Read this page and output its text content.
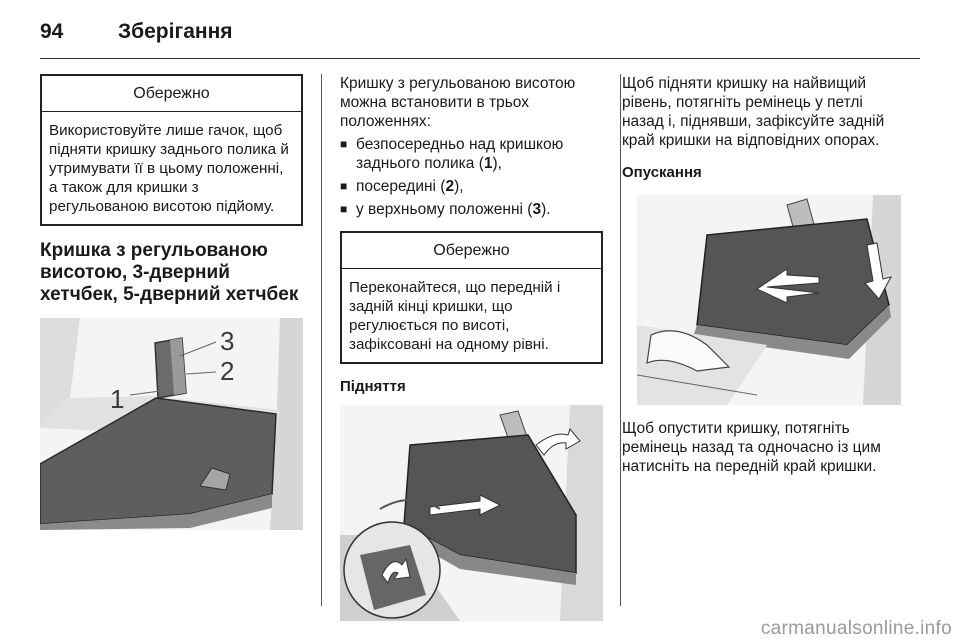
94	Зберігання
Обережно
Використовуйте лише гачок, щоб підняти кришку заднього полика й утримувати її в цьому положенні, а також для кришки з регульованою висотою підйому.
Кришка з регульованою висотою, 3-дверний хетчбек, 5-дверний хетчбек
3
2
1

Кришку з регульованою висотою можна встановити в трьох положеннях:

■ безпосередньо над кришкою заднього полика (1),
■ посередині (2),
■ у верхньому положенні (3).
Обережно
Переконайтеся, що передній і задній кінці кришки, що регулюється по висоті, зафіксовані на одному рівні.
Підняття

Щоб підняти кришку на найвищий рівень, потягніть ремінець у петлі назад і, піднявши, зафіксуйте задній край кришки на відповідних опорах.

Опускання

Щоб опустити кришку, потягніть ремінець назад та одночасно із цим натисніть на передній край кришки.

carmanualsonline.info
